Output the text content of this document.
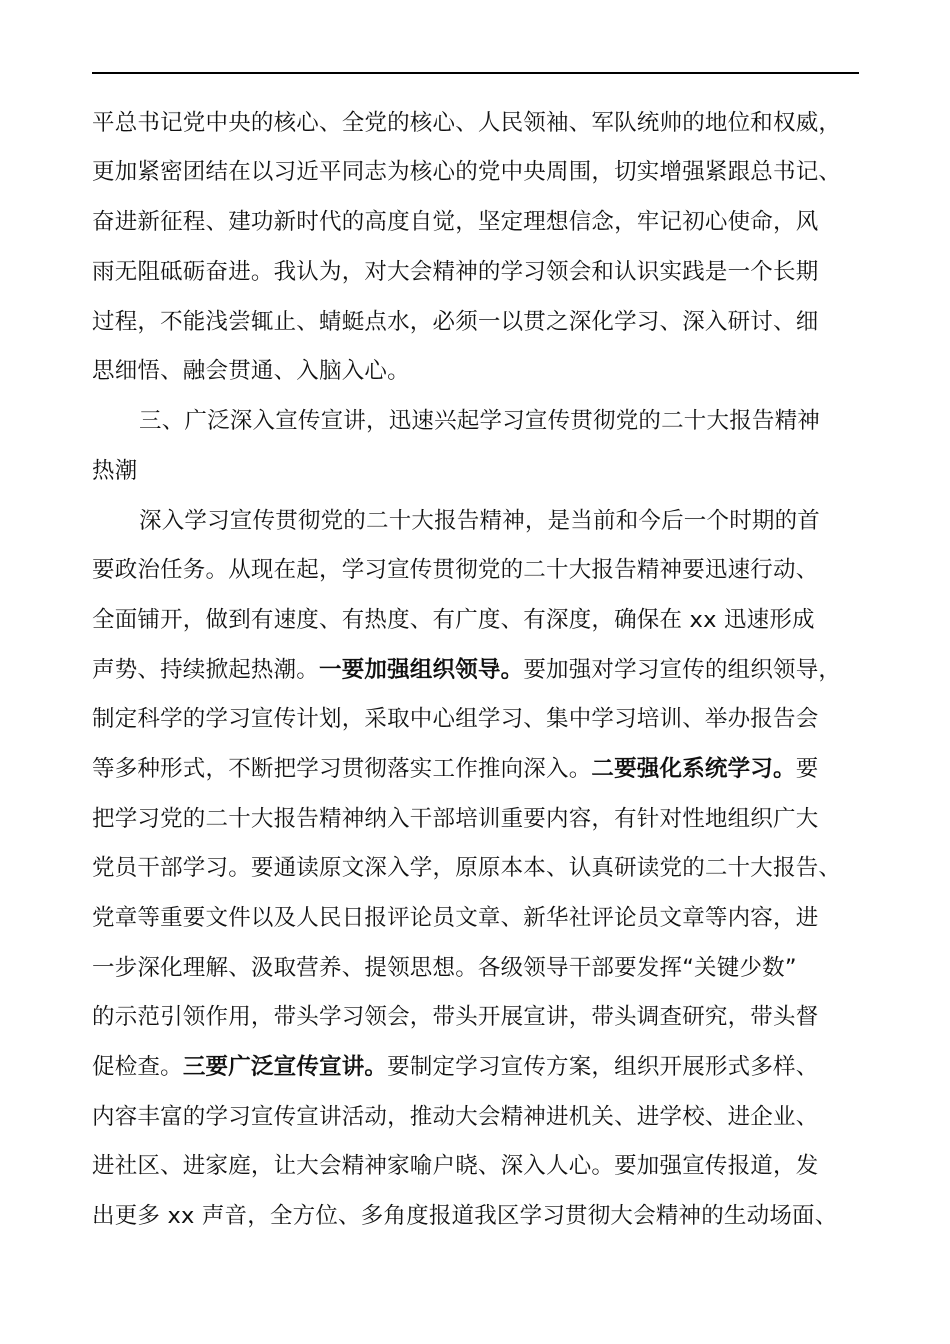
平总书记党中央的核心、全党的核心、人民领袖、军队统帅的地位和权威，
更加紧密团结在以习近平同志为核心的党中央周围，切实增强紧跟总书记、
奋进新征程、建功新时代的高度自觉，坚定理想信念，牢记初心使命，风
雨无阻砥砺奋进。我认为，对大会精神的学习领会和认识实践是一个长期
过程，不能浅尝辄止、蜻蜓点水，必须一以贯之深化学习、深入研讨、细
思细悟、融会贯通、入脑入心。
三、广泛深入宣传宣讲，迅速兴起学习宣传贯彻党的二十大报告精神
热潮
深入学习宣传贯彻党的二十大报告精神，是当前和今后一个时期的首
要政治任务。从现在起，学习宣传贯彻党的二十大报告精神要迅速行动、
全面铺开，做到有速度、有热度、有广度、有深度，确保在 xx 迅速形成
声势、持续掀起热潮。一要加强组织领导。要加强对学习宣传的组织领导，
制定科学的学习宣传计划，采取中心组学习、集中学习培训、举办报告会
等多种形式，不断把学习贯彻落实工作推向深入。二要强化系统学习。要
把学习党的二十大报告精神纳入干部培训重要内容，有针对性地组织广大
党员干部学习。要通读原文深入学，原原本本、认真研读党的二十大报告、
党章等重要文件以及人民日报评论员文章、新华社评论员文章等内容，进
一步深化理解、汲取营养、提领思想。各级领导干部要发挥“关键少数”
的示范引领作用，带头学习领会，带头开展宣讲，带头调查研究，带头督
促检查。三要广泛宣传宣讲。要制定学习宣传方案，组织开展形式多样、
内容丰富的学习宣传宣讲活动，推动大会精神进机关、进学校、进企业、
进社区、进家庭，让大会精神家喻户晓、深入人心。要加强宣传报道，发
出更多 xx 声音，全方位、多角度报道我区学习贯彻大会精神的生动场面、
